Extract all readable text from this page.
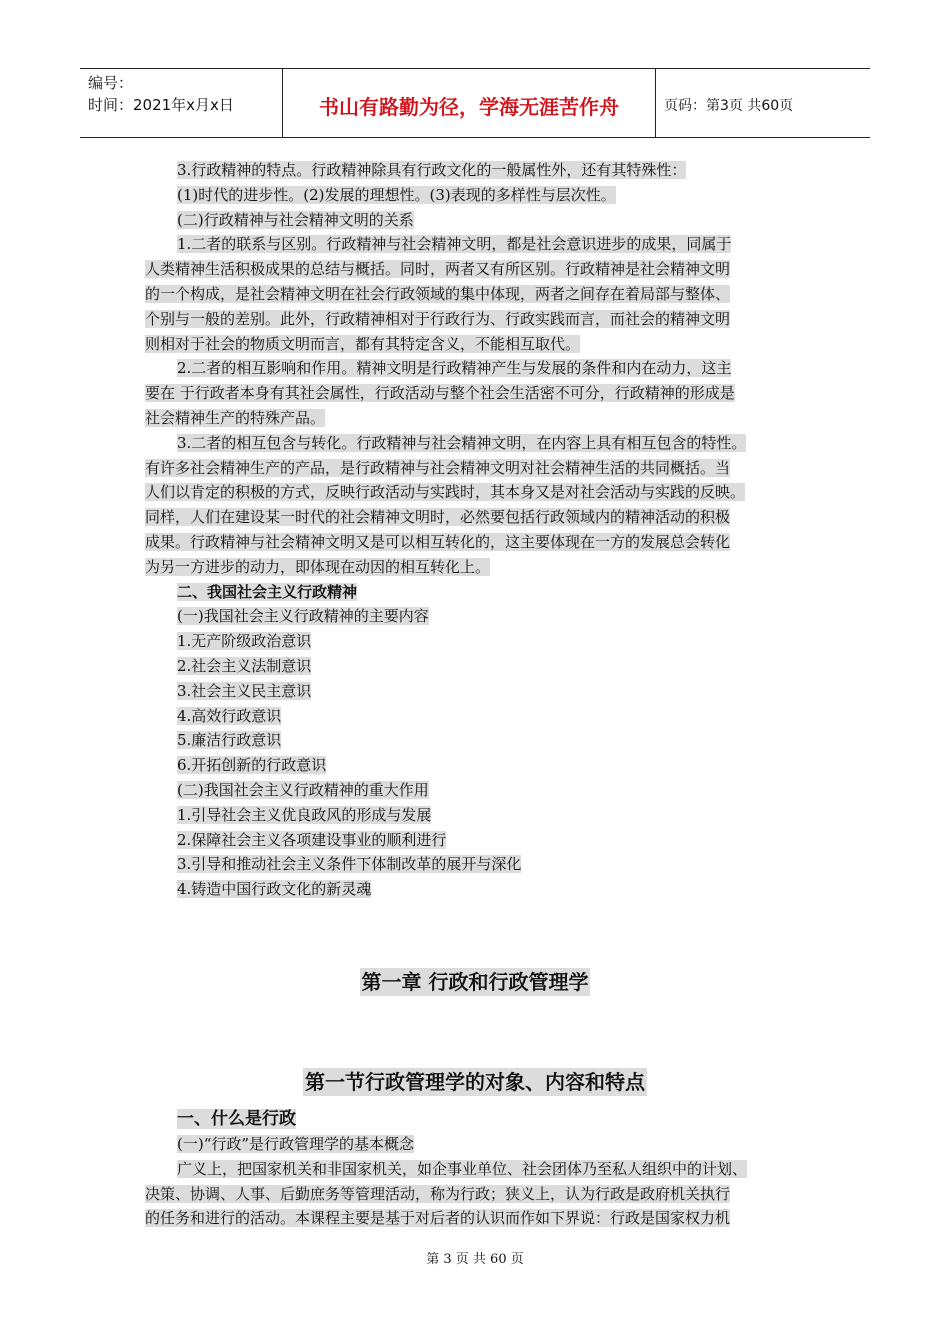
编号：
时间：2021年x月x日	书山有路勤为径，学海无涯苦作舟	页码：第3页 共60页
3.行政精神的特点。行政精神除具有行政文化的一般属性外，还有其特殊性：
(1)时代的进步性。(2)发展的理想性。(3)表现的多样性与层次性。
(二)行政精神与社会精神文明的关系
1.二者的联系与区别。行政精神与社会精神文明，都是社会意识进步的成果，同属于
人类精神生活积极成果的总结与概括。同时，两者又有所区别。行政精神是社会精神文明
的一个构成，是社会精神文明在社会行政领域的集中体现，两者之间存在着局部与整体、
个别与一般的差别。此外，行政精神相对于行政行为、行政实践而言，而社会的精神文明
则相对于社会的物质文明而言，都有其特定含义，不能相互取代。
2.二者的相互影响和作用。精神文明是行政精神产生与发展的条件和内在动力，这主
要在 于行政者本身有其社会属性，行政活动与整个社会生活密不可分，行政精神的形成是
社会精神生产的特殊产品。
3.二者的相互包含与转化。行政精神与社会精神文明，在内容上具有相互包含的特性。
有许多社会精神生产的产品，是行政精神与社会精神文明对社会精神生活的共同概括。当
人们以肯定的积极的方式，反映行政活动与实践时，其本身又是对社会活动与实践的反映。
同样，人们在建设某一时代的社会精神文明时，必然要包括行政领域内的精神活动的积极
成果。行政精神与社会精神文明又是可以相互转化的，这主要体现在一方的发展总会转化
为另一方进步的动力，即体现在动因的相互转化上。
二、我国社会主义行政精神
(一)我国社会主义行政精神的主要内容
1.无产阶级政治意识
2.社会主义法制意识
3.社会主义民主意识
4.高效行政意识
5.廉洁行政意识
6.开拓创新的行政意识
(二)我国社会主义行政精神的重大作用
1.引导社会主义优良政风的形成与发展
2.保障社会主义各项建设事业的顺利进行
3.引导和推动社会主义条件下体制改革的展开与深化
4.铸造中国行政文化的新灵魂
第一章 行政和行政管理学
第一节行政管理学的对象、内容和特点
一、什么是行政
(一)“行政”是行政管理学的基本概念
广义上，把国家机关和非国家机关，如企事业单位、社会团体乃至私人组织中的计划、
决策、协调、人事、后勤庶务等管理活动，称为行政；狭义上，认为行政是政府机关执行
的任务和进行的活动。本课程主要是基于对后者的认识而作如下界说：行政是国家权力机
第 3 页 共 60 页
